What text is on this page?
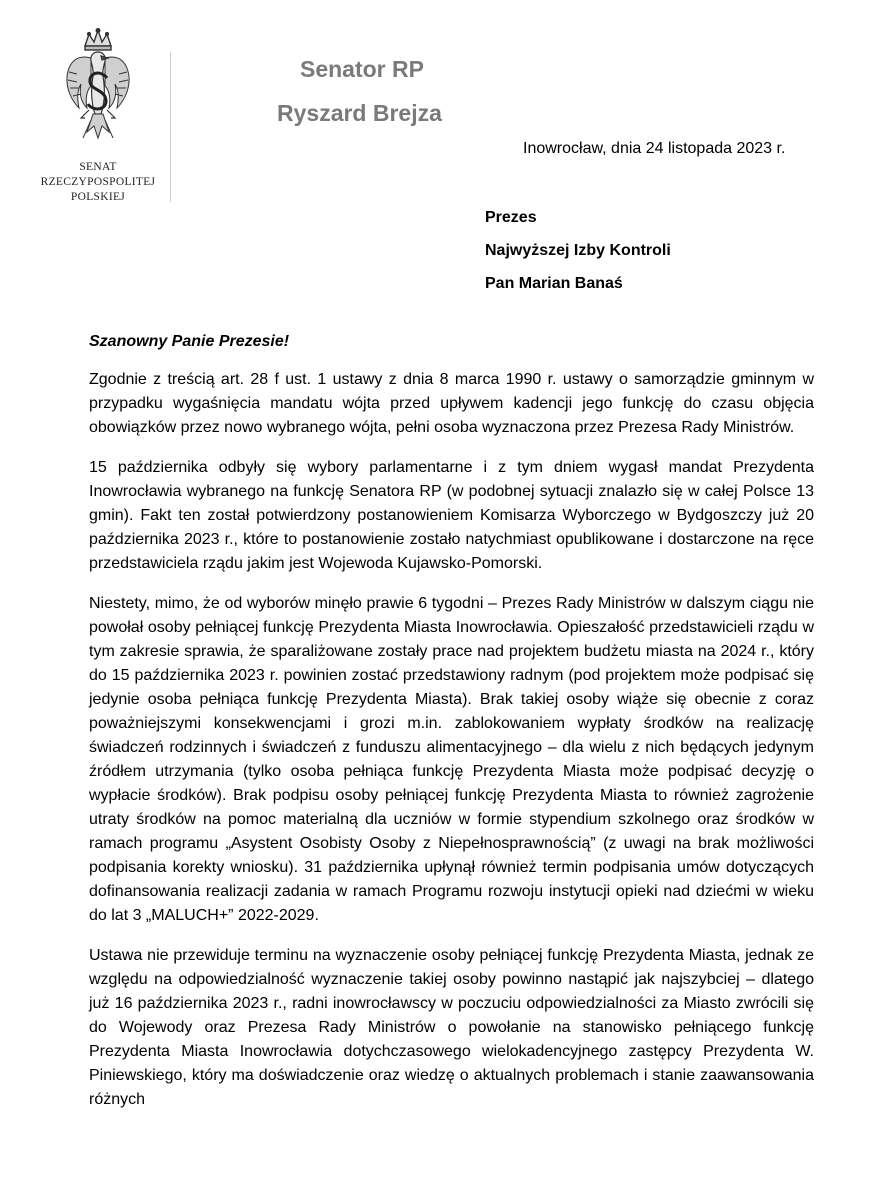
SENAT
RZECZYPOSPOLITEJ
POLSKIEJ
Senator RP
Ryszard Brejza
Inowrocław, dnia 24 listopada 2023 r.
Prezes
Najwyższej Izby Kontroli
Pan Marian Banaś
Szanowny Panie Prezesie!

Zgodnie z treścią art. 28 f ust. 1 ustawy z dnia 8 marca 1990 r. ustawy o samorządzie gminnym w przypadku wygaśnięcia mandatu wójta przed upływem kadencji jego funkcję do czasu objęcia obowiązków przez nowo wybranego wójta, pełni osoba wyznaczona przez Prezesa Rady Ministrów.

15 października odbyły się wybory parlamentarne i z tym dniem wygasł mandat Prezydenta Inowrocławia wybranego na funkcję Senatora RP (w podobnej sytuacji znalazło się w całej Polsce 13 gmin). Fakt ten został potwierdzony postanowieniem Komisarza Wyborczego w Bydgoszczy już 20 października 2023 r., które to postanowienie zostało natychmiast opublikowane i dostarczone na ręce przedstawiciela rządu jakim jest Wojewoda Kujawsko-Pomorski.

Niestety, mimo, że od wyborów minęło prawie 6 tygodni – Prezes Rady Ministrów w dalszym ciągu nie powołał osoby pełniącej funkcję Prezydenta Miasta Inowrocławia. Opieszałość przedstawicieli rządu w tym zakresie sprawia, że sparaliżowane zostały prace nad projektem budżetu miasta na 2024 r., który do 15 października 2023 r. powinien zostać przedstawiony radnym (pod projektem może podpisać się jedynie osoba pełniąca funkcję Prezydenta Miasta). Brak takiej osoby wiąże się obecnie z coraz poważniejszymi konsekwencjami i grozi m.in. zablokowaniem wypłaty środków na realizację świadczeń rodzinnych i świadczeń z funduszu alimentacyjnego – dla wielu z nich będących jedynym źródłem utrzymania (tylko osoba pełniąca funkcję Prezydenta Miasta może podpisać decyzję o wypłacie środków). Brak podpisu osoby pełniącej funkcję Prezydenta Miasta to również zagrożenie utraty środków na pomoc materialną dla uczniów w formie stypendium szkolnego oraz środków w ramach programu „Asystent Osobisty Osoby z Niepełnosprawnością” (z uwagi na brak możliwości podpisania korekty wniosku). 31 października upłynął również termin podpisania umów dotyczących dofinansowania realizacji zadania w ramach Programu rozwoju instytucji opieki nad dziećmi w wieku do lat 3 „MALUCH+” 2022-2029.

Ustawa nie przewiduje terminu na wyznaczenie osoby pełniącej funkcję Prezydenta Miasta, jednak ze względu na odpowiedzialność wyznaczenie takiej osoby powinno nastąpić jak najszybciej – dlatego już 16 października 2023 r., radni inowrocławscy w poczuciu odpowiedzialności za Miasto zwrócili się do Wojewody oraz Prezesa Rady Ministrów o powołanie na stanowisko pełniącego funkcję Prezydenta Miasta Inowrocławia dotychczasowego wielokadencyjnego zastępcy Prezydenta W. Piniewskiego, który ma doświadczenie oraz wiedzę o aktualnych problemach i stanie zaawansowania różnych
